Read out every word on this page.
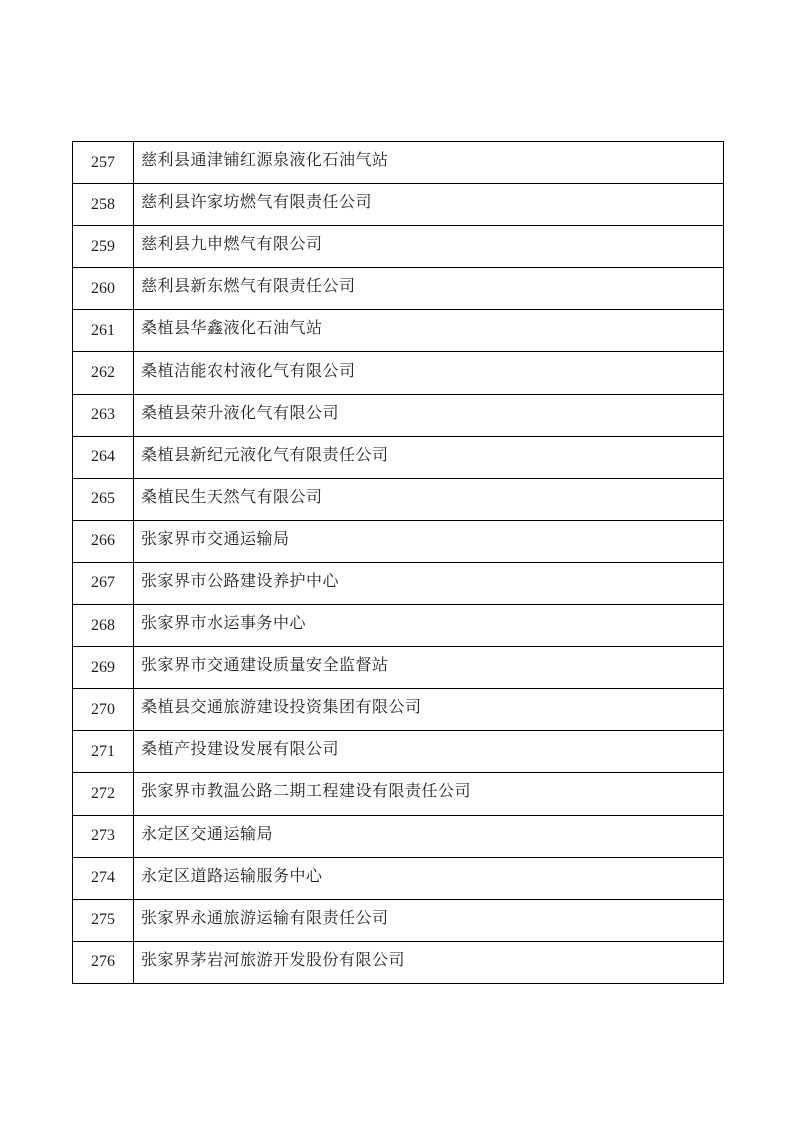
257	慈利县通津铺红源泉液化石油气站
258	慈利县许家坊燃气有限责任公司
259	慈利县九申燃气有限公司
260	慈利县新东燃气有限责任公司
261	桑植县华鑫液化石油气站
262	桑植洁能农村液化气有限公司
263	桑植县荣升液化气有限公司
264	桑植县新纪元液化气有限责任公司
265	桑植民生天然气有限公司
266	张家界市交通运输局
267	张家界市公路建设养护中心
268	张家界市水运事务中心
269	张家界市交通建设质量安全监督站
270	桑植县交通旅游建设投资集团有限公司
271	桑植产投建设发展有限公司
272	张家界市教温公路二期工程建设有限责任公司
273	永定区交通运输局
274	永定区道路运输服务中心
275	张家界永通旅游运输有限责任公司
276	张家界茅岩河旅游开发股份有限公司
